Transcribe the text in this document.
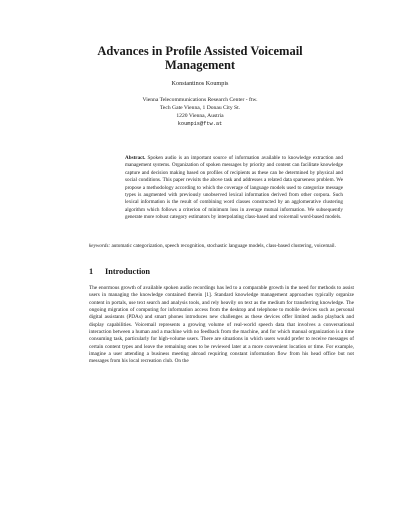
Advances in Profile Assisted Voicemail
Management
Konstantinos Koumpis
Vienna Telecommunications Research Center - ftw.
Tech Gate Vienna, 1 Donau City St.
1220 Vienna, Austria
koumpis@ftw.at
Abstract. Spoken audio is an important source of information available to knowledge extraction and management systems. Organization of spoken messages by priority and content can facilitate knowledge capture and decision making based on profiles of recipients as these can be determined by physical and social conditions. This paper revisits the above task and addresses a related data sparseness problem. We propose a methodology according to which the coverage of language models used to categorize message types is augmented with previously unobserved lexical information derived from other corpora. Such lexical information is the result of combining word classes constructed by an agglomerative clustering algorithm which follows a criterion of minimum loss in average mutual information. We subsequently generate more robust category estimators by interpolating class-based and voicemail word-based models.
keywords: automatic categorization, speech recognition, stochastic language models, class-based clustering, voicemail.
1 Introduction
The enormous growth of available spoken audio recordings has led to a comparable growth in the need for methods to assist users in managing the knowledge contained therein [1]. Standard knowledge management approaches typically organize content in portals, use text search and analysis tools, and rely heavily on text as the medium for transferring knowledge. The ongoing migration of computing for information access from the desktop and telephone to mobile devices such as personal digital assistants (PDAs) and smart phones introduces new challenges as these devices offer limited audio playback and display capabilities. Voicemail represents a growing volume of real-world speech data that involves a conversational interaction between a human and a machine with no feedback from the machine, and for which manual organization is a time consuming task, particularly for high-volume users. There are situations in which users would prefer to receive messages of certain content types and leave the remaining ones to be reviewed later at a more convenient location or time. For example, imagine a user attending a business meeting abroad requiring constant information flow from his head office but not messages from his local recreation club. On the
